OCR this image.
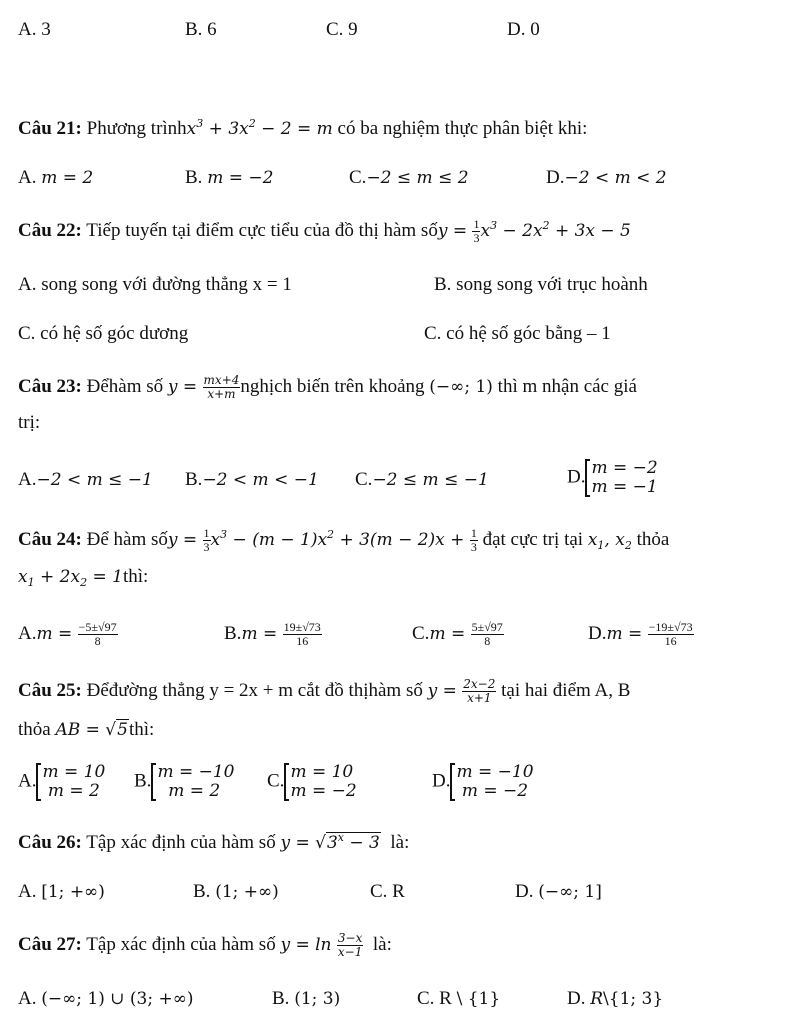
A. 3	B. 6	C. 9	D. 0
Câu 21: Phương trìnhx$^3$ + $3x^2 - 2 = m$ có ba nghiệm thực phân biệt khi:
A. m = 2	B. m = −2	C.−2 ≤ m ≤ 2	D.−2 < m < 2
Câu 22: Tiếp tuyến tại điểm cực tiểu của đồ thị hàm sốy = $\frac{1}{3} x^3 - 2x^2 + 3x - 5$
A. song song với đường thẳng x = 1	B. song song với trục hoành
C. có hệ số góc dương	C. có hệ số góc bằng – 1
Câu 23: Đểhàm số $y = \frac{mx+4}{x+m}$ nghịch biến trên khoảng (−∞; 1) thì m nhận các giá
trị:
A.−2 < m ≤ −1 B.−2 < m < −1 C.−2 ≤ m ≤ −1	D. m = −2
m = −1
Câu 24: Để hàm sốy = $\frac{1}{3} x^3 - (m - 1)x^2 + 3(m - 2)x + \frac{1}{3}$ đạt cực trị tại $x_1$, $x_2$ thỏa
$x_1 + 2x_2$ = 1thì:
$A.m = \frac{-5\pm√97}{8}$	$B.m = \frac{19\pm√73}{16}$	$C.m = \frac{5\pm√97}{8}$	$D.m = \frac{-19\pm√73}{16}$
Câu 25: Đểđường thẳng y = 2x + m cắt đồ thịhàm số $y = \frac{2x-2}{x+1}$ tại hai điểm A, B
thỏa AB = √5thì:
A. m = 10
m = 2 B. m = −10
m = 2	C. m = 10
m = −2	D. m = −10
m = −2
Câu 26: Tập xác định của hàm số $y = √3^x - 3$ là:
A. [1; +∞)	B. (1; +∞)	C. R	D. (−∞; 1]
Câu 27: Tập xác định của hàm số $y = \ln \frac{3-x}{x-1}$ là:
A. (−∞; 1) ∪ (3; +∞)	B. (1; 3)	C. R \ {1}	D. R\{1; 3}
